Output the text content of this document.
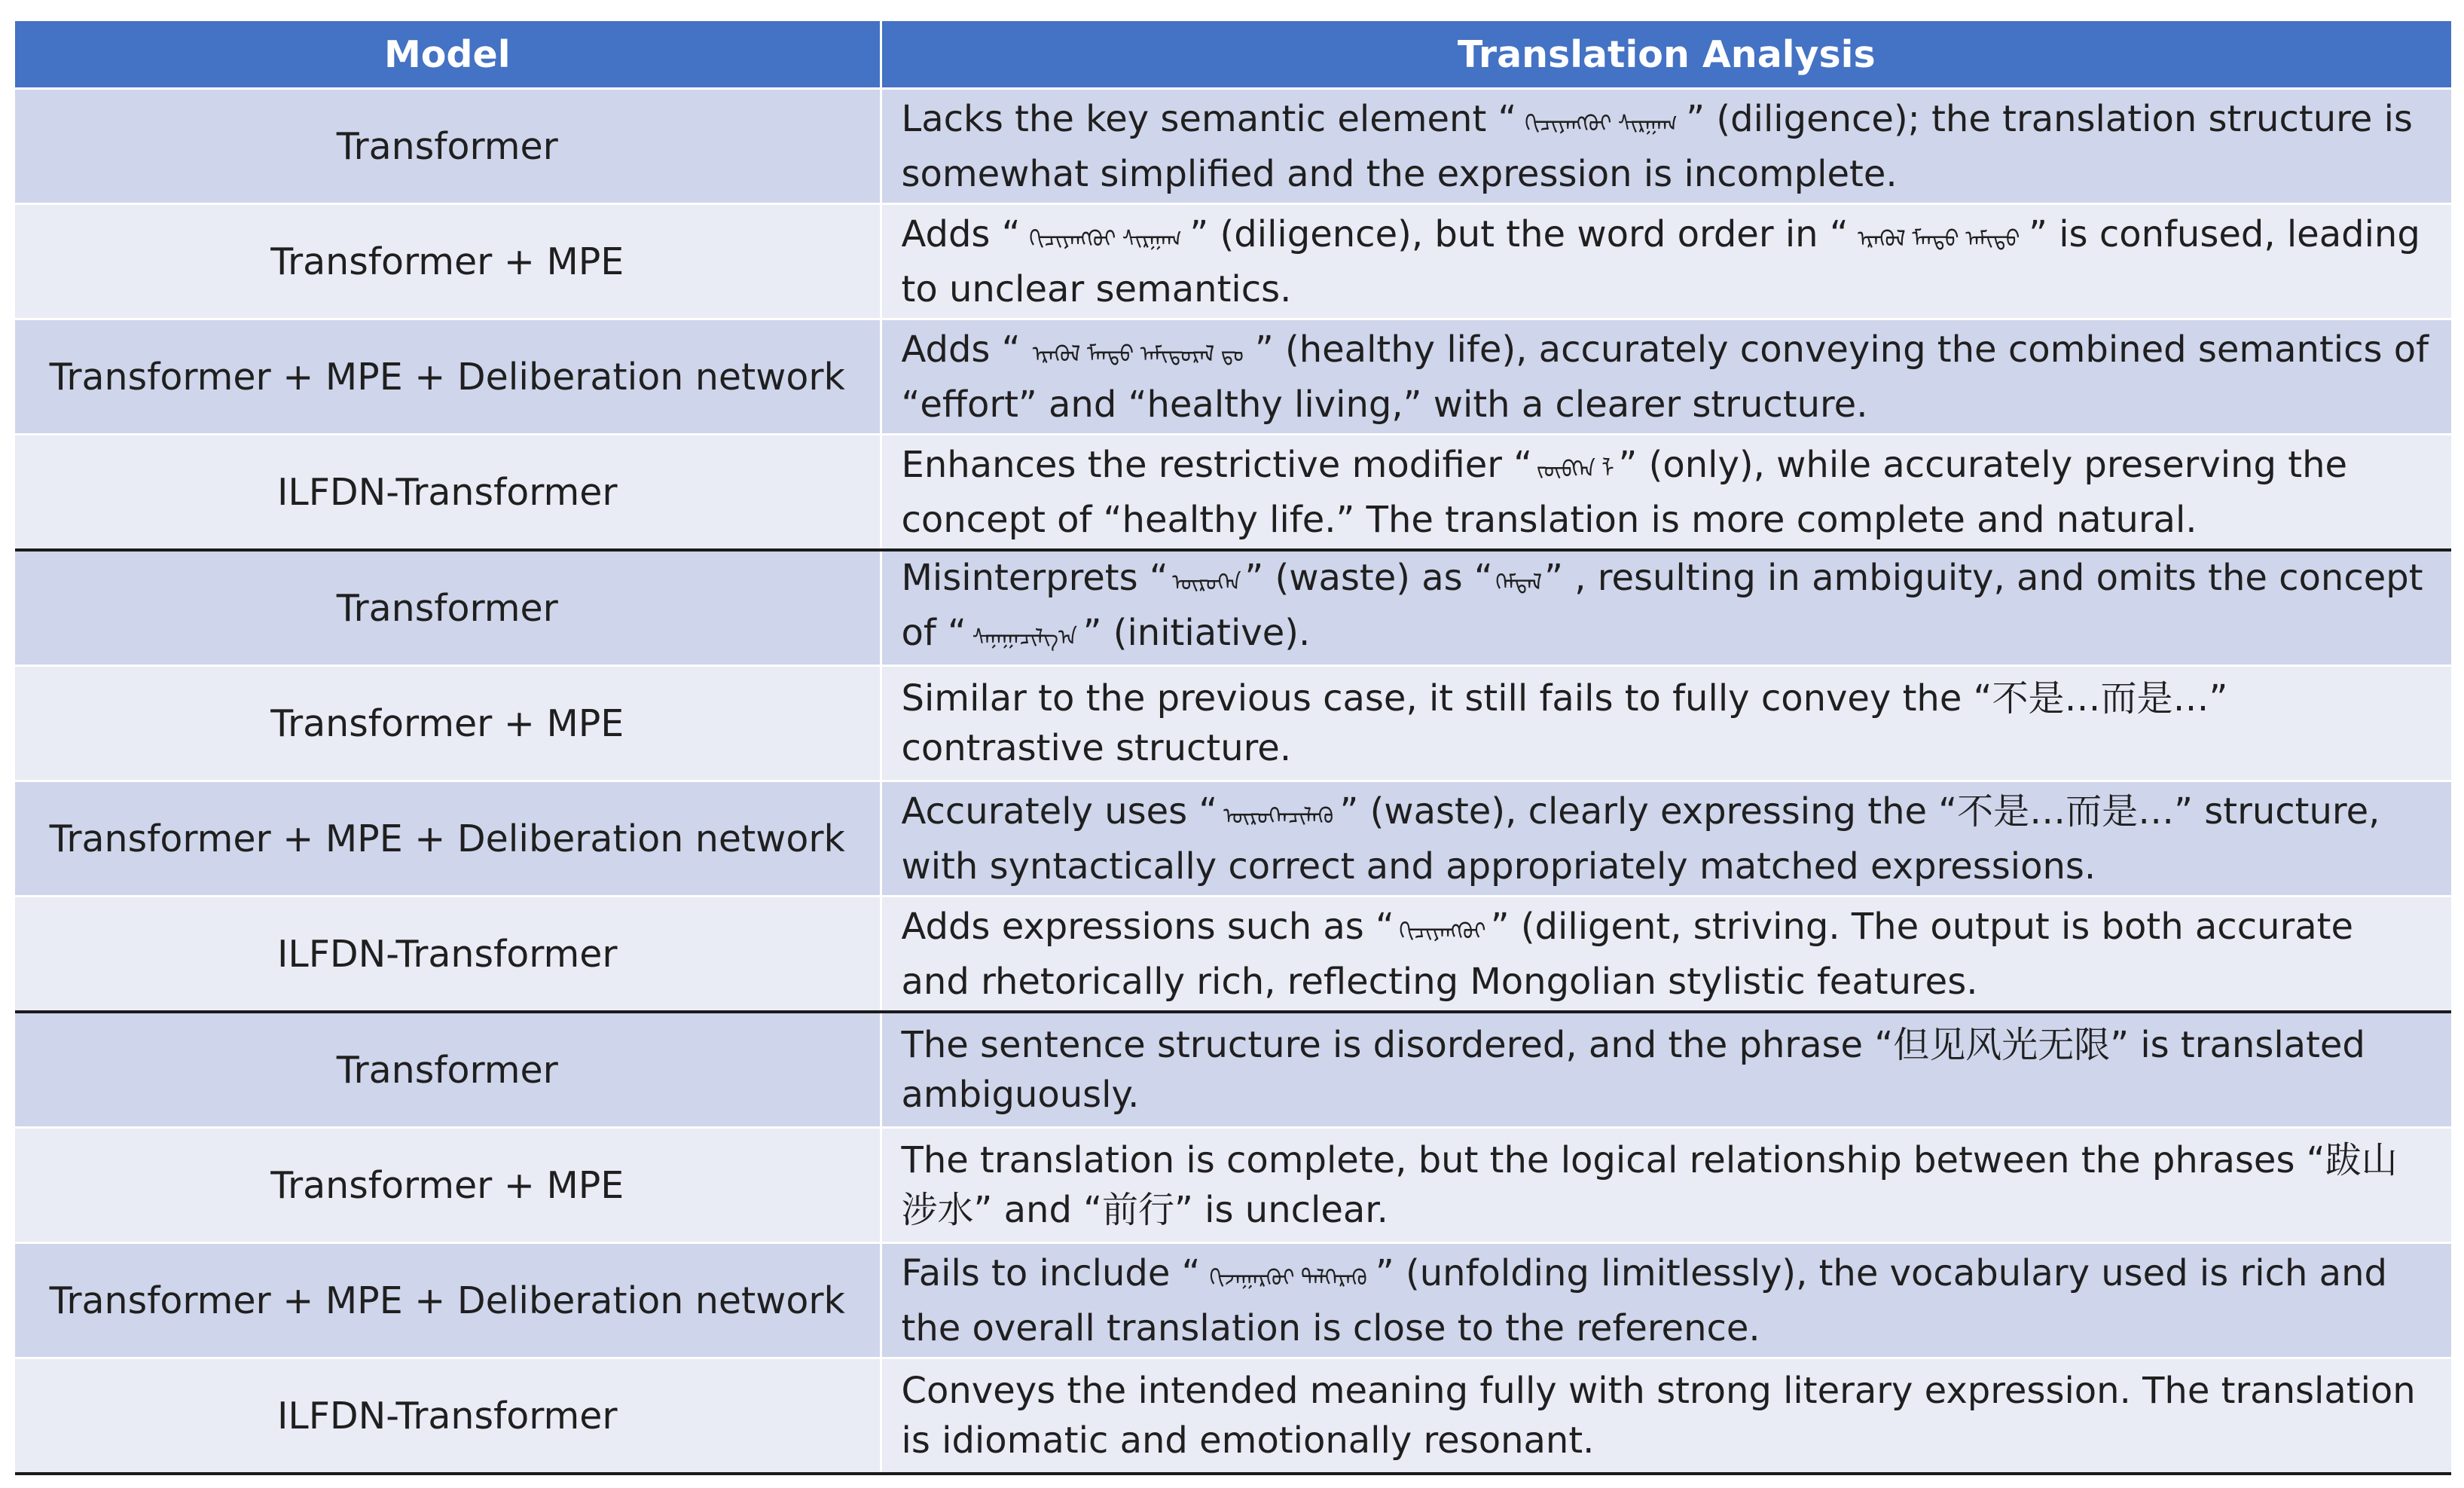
Model	Translation Analysis
Transformer	Lacks the key semantic element “ ᠬᠢᠴᠢᠶᠡᠩᠭᠦᠢ ᠰᠢᠷᠭᠠᠭ ” (diligence); the translation structure is somewhat simplified and the expression is incomplete.
Transformer + MPE	Adds “ ᠬᠢᠴᠢᠶᠡᠩᠭᠦᠢ ᠰᠢᠷᠭᠠᠭ ” (diligence), but the word order in “ ᠡᠷᠡᠭᠦᠯ ᠮᠡᠨᠳᠦ ᠠᠮᠢᠳᠤ ” is confused, leading to unclear semantics.
Transformer + MPE + Deliberation network	Adds “ ᠡᠷᠡᠭᠦᠯ ᠮᠡᠨᠳᠦ ᠠᠮᠢᠳᠤᠷᠠᠯ ᠳᠤ ” (healthy life), accurately conveying the combined semantics of “effort” and “healthy living,” with a clearer structure.
ILFDN-Transformer	Enhances the restrictive modifier “ ᠵᠥᠪᠬᠡᠨ ᠯ ” (only), while accurately preserving the concept of “healthy life.” The translation is more complete and natural.
Transformer	Misinterprets “ ᠦᠷᠦᠭᠡᠨ ” (waste) as “ ᠭᠡᠮᠳᠡᠯ” , resulting in ambiguity, and omits the concept of “ ᠰᠠᠨᠠᠭᠠᠴᠢᠯᠭ᠎ᠠ ” (initiative).
Transformer + MPE	Similar to the previous case, it still fails to fully convey the “不是…而是…” contrastive structure.
Transformer + MPE + Deliberation network	Accurately uses “ ᠦᠷᠦᠭᠡᠨᠴᠢᠯᠡᠬᠦ ” (waste), clearly expressing the “不是…而是…” structure, with syntactically correct and appropriately matched expressions.
ILFDN-Transformer	Adds expressions such as “ ᠬᠢᠴᠢᠶᠡᠩᠭᠦᠢ ” (diligent, striving. The output is both accurate and rhetorically rich, reflecting Mongolian stylistic features.
Transformer	The sentence structure is disordered, and the phrase “但见风光无限” is translated ambiguously.
Transformer + MPE	The translation is complete, but the logical relationship between the phrases “跋山涉水” and “前行” is unclear.
Transformer + MPE + Deliberation network	Fails to include “ ᠬᠢᠵᠠᠭᠠᠷᠭᠦᠢ ᠳᠡᠯᠭᠡᠷᠡᠬᠦ ” (unfolding limitlessly), the vocabulary used is rich and the overall translation is close to the reference.
ILFDN-Transformer	Conveys the intended meaning fully with strong literary expression. The translation is idiomatic and emotionally resonant.
